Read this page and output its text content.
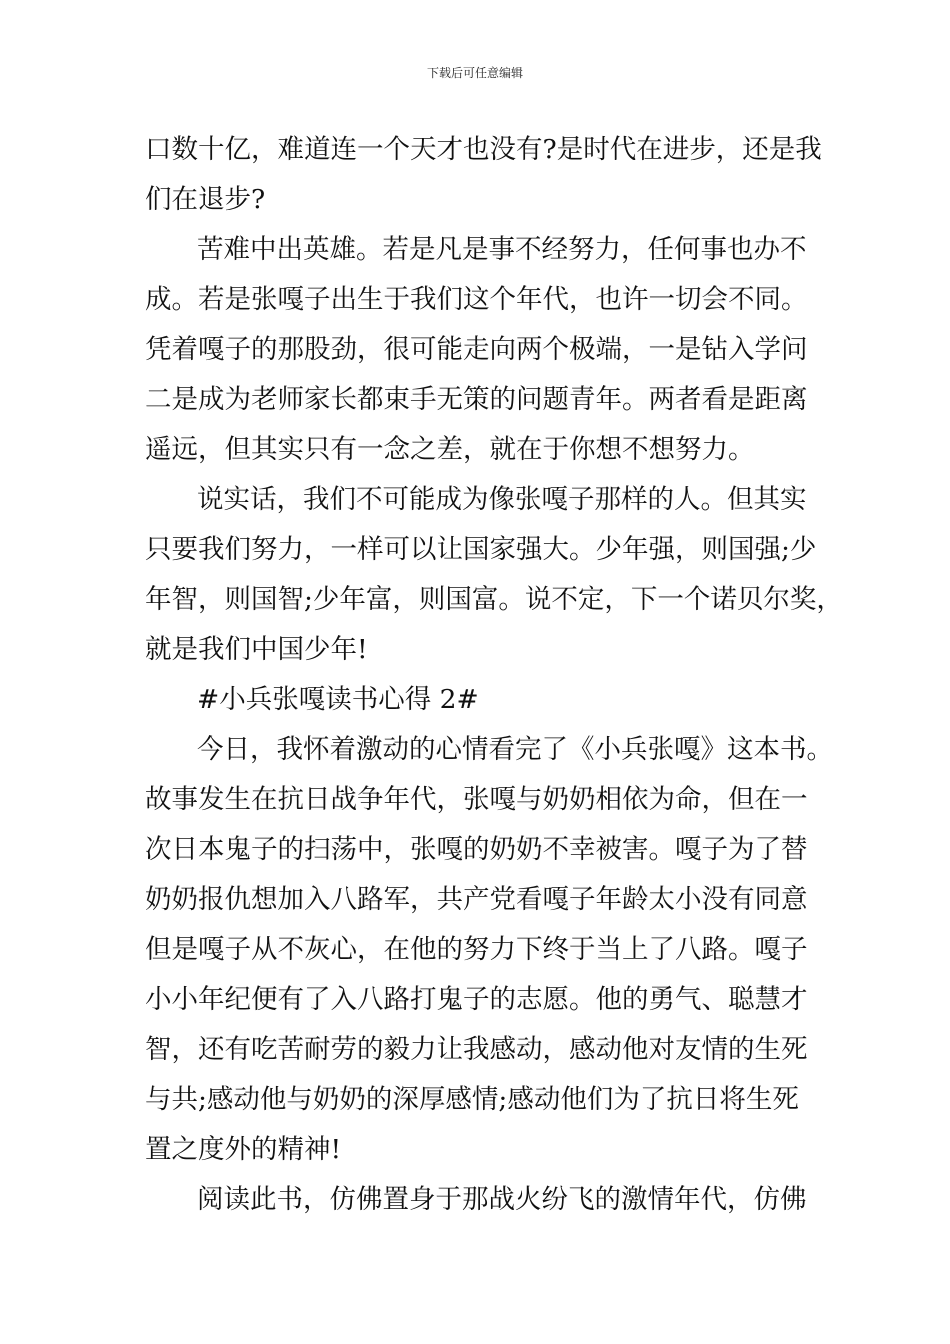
下载后可任意编辑
口数十亿，难道连一个天才也没有?是时代在进步，还是我
们在退步?
苦难中出英雄。若是凡是事不经努力，任何事也办不
成。若是张嘎子出生于我们这个年代，也许一切会不同。
凭着嘎子的那股劲，很可能走向两个极端，一是钻入学问
二是成为老师家长都束手无策的问题青年。两者看是距离
遥远，但其实只有一念之差，就在于你想不想努力。
说实话，我们不可能成为像张嘎子那样的人。但其实
只要我们努力，一样可以让国家强大。少年强，则国强;少
年智，则国智;少年富，则国富。说不定，下一个诺贝尔奖，
就是我们中国少年!
#小兵张嘎读书心得 2#
今日，我怀着激动的心情看完了《小兵张嘎》这本书。
故事发生在抗日战争年代，张嘎与奶奶相依为命，但在一
次日本鬼子的扫荡中，张嘎的奶奶不幸被害。嘎子为了替
奶奶报仇想加入八路军，共产党看嘎子年龄太小没有同意
但是嘎子从不灰心，在他的努力下终于当上了八路。嘎子
小小年纪便有了入八路打鬼子的志愿。他的勇气、聪慧才
智，还有吃苦耐劳的毅力让我感动，感动他对友情的生死
与共;感动他与奶奶的深厚感情;感动他们为了抗日将生死
置之度外的精神!
阅读此书，仿佛置身于那战火纷飞的激情年代，仿佛
